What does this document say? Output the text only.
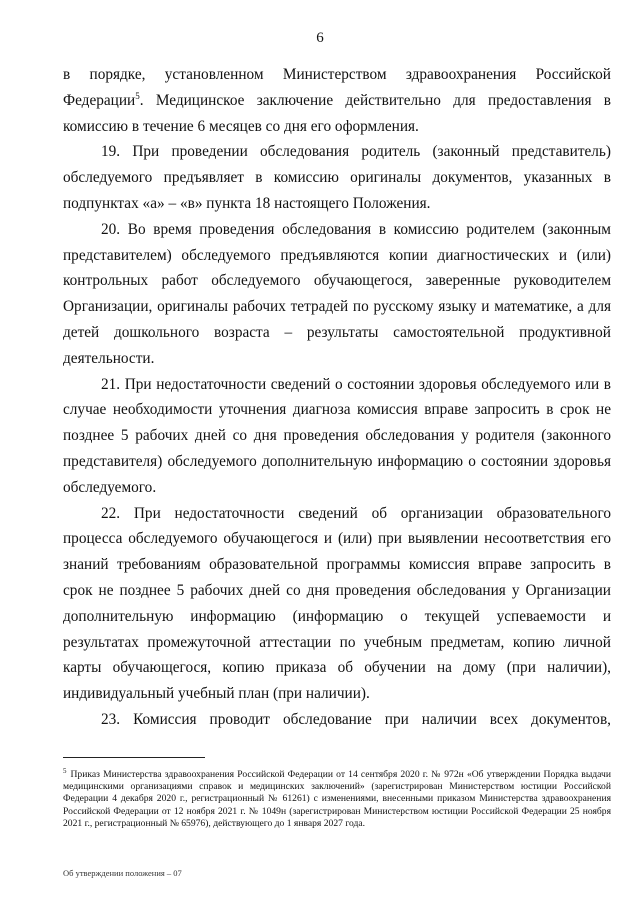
6

в порядке, установленном Министерством здравоохранения Российской Федерации$^5$. Медицинское заключение действительно для предоставления в комиссию в течение 6 месяцев со дня его оформления.

19. При проведении обследования родитель (законный представитель) обследуемого предъявляет в комиссию оригиналы документов, указанных в подпунктах «а» – «в» пункта 18 настоящего Положения.

20. Во время проведения обследования в комиссию родителем (законным представителем) обследуемого предъявляются копии диагностических и (или) контрольных работ обследуемого обучающегося, заверенные руководителем Организации, оригиналы рабочих тетрадей по русскому языку и математике, а для детей дошкольного возраста – результаты самостоятельной продуктивной деятельности.

21. При недостаточности сведений о состоянии здоровья обследуемого или в случае необходимости уточнения диагноза комиссия вправе запросить в срок не позднее 5 рабочих дней со дня проведения обследования у родителя (законного представителя) обследуемого дополнительную информацию о состоянии здоровья обследуемого.

22. При недостаточности сведений об организации образовательного процесса обследуемого обучающегося и (или) при выявлении несоответствия его знаний требованиям образовательной программы комиссия вправе запросить в срок не позднее 5 рабочих дней со дня проведения обследования у Организации дополнительную информацию (информацию о текущей успеваемости и результатах промежуточной аттестации по учебным предметам, копию личной карты обучающегося, копию приказа об обучении на дому (при наличии), индивидуальный учебный план (при наличии).

23. Комиссия проводит обследование при наличии всех документов,

$^5$ Приказ Министерства здравоохранения Российской Федерации от 14 сентября 2020 г. № 972н «Об утверждении Порядка выдачи медицинскими организациями справок и медицинских заключений» (зарегистрирован Министерством юстиции Российской Федерации 4 декабря 2020 г., регистрационный № 61261) с изменениями, внесенными приказом Министерства здравоохранения Российской Федерации от 12 ноября 2021 г. № 1049н (зарегистрирован Министерством юстиции Российской Федерации 25 ноября 2021 г., регистрационный № 65976), действующего до 1 января 2027 года.
Об утверждении положения – 07
